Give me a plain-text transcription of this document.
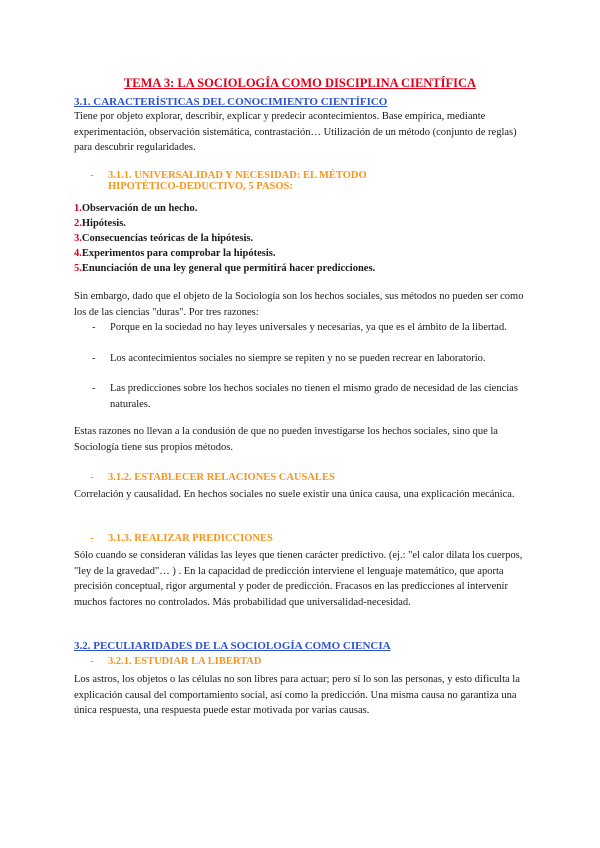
TEMA 3: LA SOCIOLOGÍA COMO DISCIPLINA CIENTÍFICA
3.1. CARACTERÍSTICAS DEL CONOCIMIENTO CIENTÍFICO
Tiene por objeto explorar, describir, explicar y predecir acontecimientos. Base empírica, mediante experimentación, observación sistemática, contrastación… Utilización de un método (conjunto de reglas) para descubrir regularidades.
- 3.1.1. UNIVERSALIDAD Y NECESIDAD: EL MÉTODO HIPOTÉTICO-DEDUCTIVO, 5 PASOS:
1.Observación de un hecho.
2.Hipótesis.
3.Consecuencias teóricas de la hipótesis.
4.Experimentos para comprobar la hipótesis.
5.Enunciación de una ley general que permitirá hacer predicciones.
Sin embargo, dado que el objeto de la Sociología son los hechos sociales, sus métodos no pueden ser como los de las ciencias "duras". Por tres razones:
- Porque en la sociedad no hay leyes universales y necesarias, ya que es el ámbito de la libertad.
- Los acontecimientos sociales no siempre se repiten y no se pueden recrear en laboratorio.
- Las predicciones sobre los hechos sociales no tienen el mismo grado de necesidad de las ciencias naturales.
Estas razones no llevan a la condusión de que no pueden investigarse los hechos sociales, sino que la Sociología tiene sus propios métodos.
- 3.1.2. ESTABLECER RELACIONES CAUSALES
Correlación y causalidad. En hechos sociales no suele existir una única causa, una explicación mecánica.
- 3.1.3. REALIZAR PREDICCIONES
Sólo cuando se consideran válidas las leyes que tienen carácter predictivo. (ej.: "el calor dilata los cuerpos, "ley de la gravedad"… ) . En la capacidad de predicción interviene el lenguaje matemático, que aporta precisión conceptual, rigor argumental y poder de predicción. Fracasos en las predicciones al intervenir muchos factores no controlados. Más probabilidad que universalidad-necesidad.
3.2. PECULIARIDADES DE LA SOCIOLOGÍA COMO CIENCIA
- 3.2.1. ESTUDIAR LA LIBERTAD
Los astros, los objetos o las células no son libres para actuar; pero sí lo son las personas, y esto dificulta la explicación causal del comportamiento social, así como la predicción. Una misma causa no garantiza una única respuesta, una respuesta puede estar motivada por varias causas.
